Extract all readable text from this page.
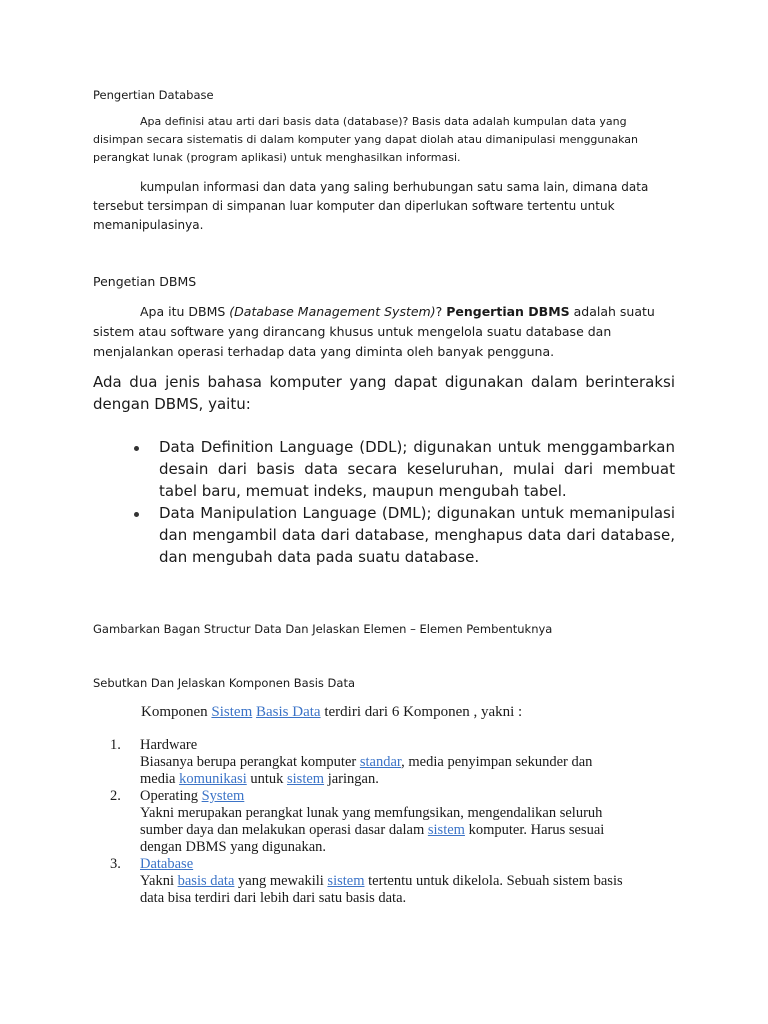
Pengertian Database
Apa definisi atau arti dari basis data (database)? Basis data adalah kumpulan data yang
disimpan secara sistematis di dalam komputer yang dapat diolah atau dimanipulasi menggunakan
perangkat lunak (program aplikasi) untuk menghasilkan informasi.
kumpulan informasi dan data yang saling berhubungan satu sama lain, dimana data
tersebut tersimpan di simpanan luar komputer dan diperlukan software tertentu untuk
memanipulasinya.
Pengetian DBMS
Apa itu DBMS (Database Management System)? Pengertian DBMS adalah suatu
sistem atau software yang dirancang khusus untuk mengelola suatu database dan
menjalankan operasi terhadap data yang diminta oleh banyak pengguna.
Ada dua jenis bahasa komputer yang dapat digunakan dalam berinteraksi dengan DBMS, yaitu:
Data Definition Language (DDL); digunakan untuk menggambarkan desain dari basis data secara keseluruhan, mulai dari membuat tabel baru, memuat indeks, maupun mengubah tabel.
Data Manipulation Language (DML); digunakan untuk memanipulasi dan mengambil data dari database, menghapus data dari database, dan mengubah data pada suatu database.
Gambarkan Bagan Structur Data Dan Jelaskan Elemen – Elemen Pembentuknya
Sebutkan Dan Jelaskan Komponen Basis Data
Komponen Sistem Basis Data terdiri dari 6 Komponen , yakni :
1. Hardware
Biasanya berupa perangkat komputer standar, media penyimpan sekunder dan
media komunikasi untuk sistem jaringan.
2. Operating System
Yakni merupakan perangkat lunak yang memfungsikan, mengendalikan seluruh
sumber daya dan melakukan operasi dasar dalam sistem komputer. Harus sesuai
dengan DBMS yang digunakan.
3. Database
Yakni basis data yang mewakili sistem tertentu untuk dikelola. Sebuah sistem basis
data bisa terdiri dari lebih dari satu basis data.
